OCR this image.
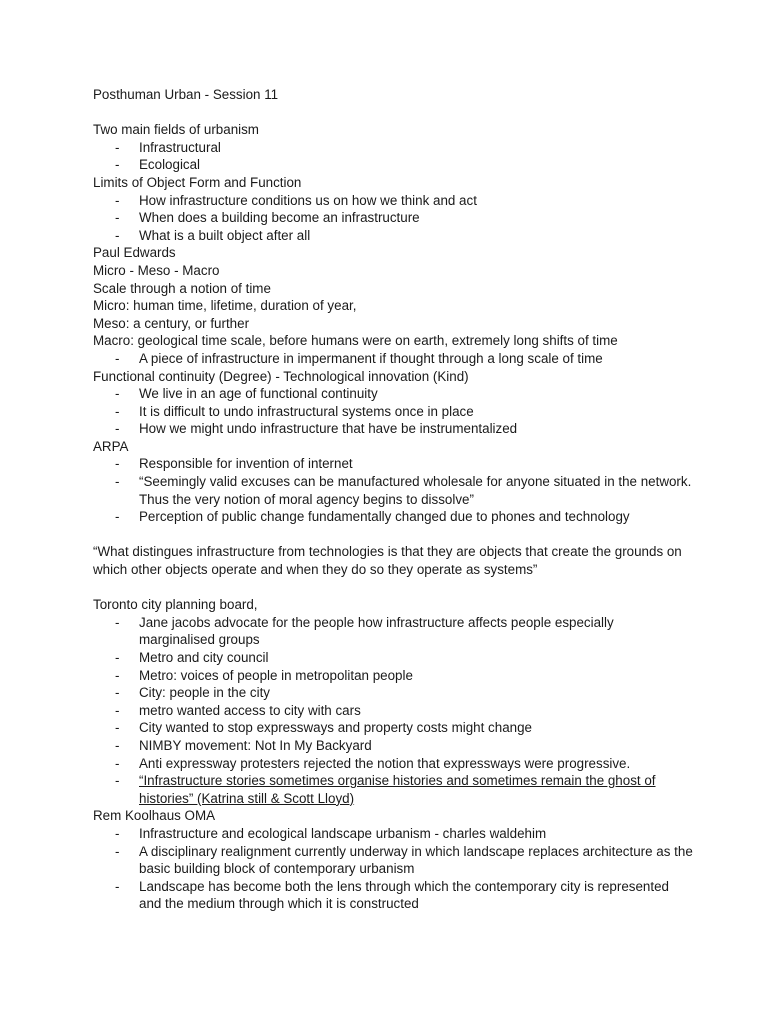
Posthuman Urban - Session 11
Two main fields of urbanism
- Infrastructural
- Ecological
Limits of Object Form and Function
- How infrastructure conditions us on how we think and act
- When does a building become an infrastructure
- What is a built object after all
Paul Edwards
Micro - Meso - Macro
Scale through a notion of time
Micro: human time, lifetime, duration of year,
Meso: a century, or further
Macro: geological time scale, before humans were on earth, extremely long shifts of time
- A piece of infrastructure in impermanent if thought through a long scale of time
Functional continuity (Degree) - Technological innovation (Kind)
- We live in an age of functional continuity
- It is difficult to undo infrastructural systems once in place
- How we might undo infrastructure that have be instrumentalized
ARPA
- Responsible for invention of internet
- “Seemingly valid excuses can be manufactured wholesale for anyone situated in the network. Thus the very notion of moral agency begins to dissolve”
- Perception of public change fundamentally changed due to phones and technology
“What distingues infrastructure from technologies is that they are objects that create the grounds on which other objects operate and when they do so they operate as systems”
Toronto city planning board,
- Jane jacobs advocate for the people how infrastructure affects people especially marginalised groups
- Metro and city council
- Metro: voices of people in metropolitan people
- City: people in the city
- metro wanted access to city with cars
- City wanted to stop expressways and property costs might change
- NIMBY movement: Not In My Backyard
- Anti expressway protesters rejected the notion that expressways were progressive.
- “Infrastructure stories sometimes organise histories and sometimes remain the ghost of histories” (Katrina still & Scott Lloyd)
Rem Koolhaus OMA
- Infrastructure and ecological landscape urbanism - charles waldehim
- A disciplinary realignment currently underway in which landscape replaces architecture as the basic building block of contemporary urbanism
- Landscape has become both the lens through which the contemporary city is represented and the medium through which it is constructed
